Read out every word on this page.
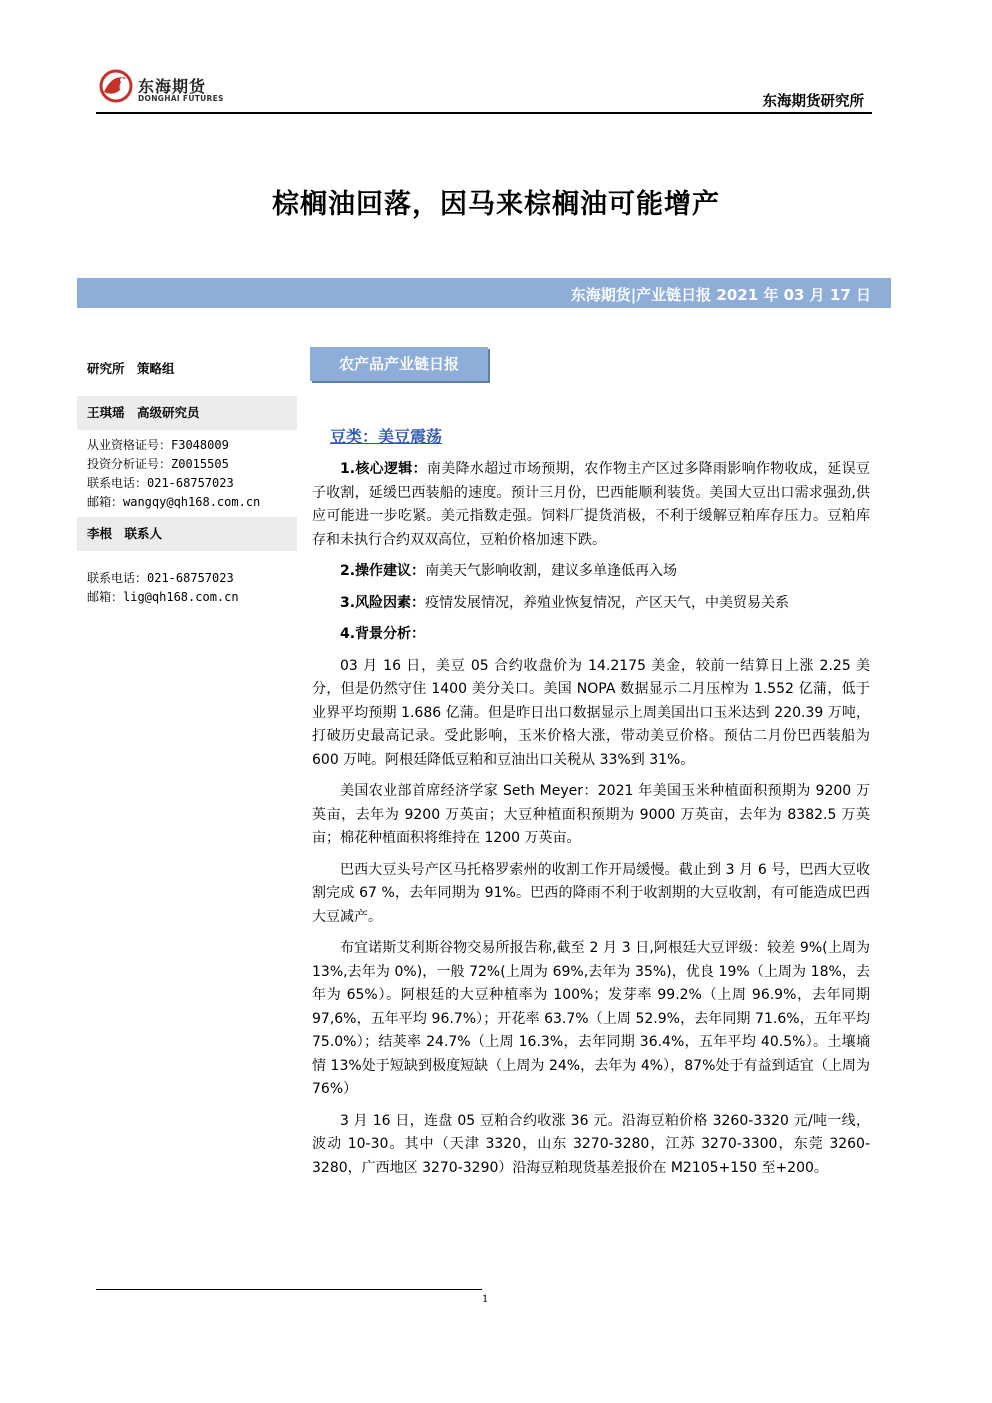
东海期货
DONGHAI FUTURES	东海期货研究所
棕榈油回落，因马来棕榈油可能增产
东海期货|产业链日报 2021 年 03 月 17 日
研究所　策略组
王琪瑶　高级研究员
从业资格证号：F3048009
投资分析证号：Z0015505
联系电话：021-68757023
邮箱：wangqy@qh168.com.cn
李根　联系人
联系电话：021-68757023
邮箱：lig@qh168.com.cn
农产品产业链日报
豆类：美豆震荡

1.核心逻辑：南美降水超过市场预期，农作物主产区过多降雨影响作物收成，延误豆子收割，延缓巴西装船的速度。预计三月份，巴西能顺利装货。美国大豆出口需求强劲,供应可能进一步吃紧。美元指数走强。饲料厂提货消极，不利于缓解豆粕库存压力。豆粕库存和未执行合约双双高位，豆粕价格加速下跌。

2.操作建议：南美天气影响收割，建议多单逢低再入场

3.风险因素：疫情发展情况，养殖业恢复情况，产区天气，中美贸易关系

4.背景分析：

03 月 16 日，美豆 05 合约收盘价为 14.2175 美金，较前一结算日上涨 2.25 美分，但是仍然守住 1400 美分关口。美国 NOPA 数据显示二月压榨为 1.552 亿蒲，低于业界平均预期 1.686 亿蒲。但是昨日出口数据显示上周美国出口玉米达到 220.39 万吨，打破历史最高记录。受此影响，玉米价格大涨，带动美豆价格。预估二月份巴西装船为 600 万吨。阿根廷降低豆粕和豆油出口关税从 33%到 31%。

美国农业部首席经济学家 Seth Meyer：2021 年美国玉米种植面积预期为 9200 万英亩，去年为 9200 万英亩；大豆种植面积预期为 9000 万英亩，去年为 8382.5 万英亩；棉花种植面积将维持在 1200 万英亩。

巴西大豆头号产区马托格罗索州的收割工作开局缓慢。截止到 3 月 6 号，巴西大豆收割完成 67 %，去年同期为 91%。巴西的降雨不利于收割期的大豆收割，有可能造成巴西大豆减产。

布宜诺斯艾利斯谷物交易所报告称,截至 2 月 3 日,阿根廷大豆评级：较差 9%(上周为 13%,去年为 0%)，一般 72%(上周为 69%,去年为 35%)，优良 19%（上周为 18%，去年为 65%）。阿根廷的大豆种植率为 100%；发芽率 99.2%（上周 96.9%，去年同期 97,6%，五年平均 96.7%）；开花率 63.7%（上周 52.9%，去年同期 71.6%，五年平均 75.0%）；结荚率 24.7%（上周 16.3%，去年同期 36.4%，五年平均 40.5%）。土壤墒情 13%处于短缺到极度短缺（上周为 24%，去年为 4%），87%处于有益到适宜（上周为 76%）

3 月 16 日，连盘 05 豆粕合约收涨 36 元。沿海豆粕价格 3260-3320 元/吨一线，波动 10-30。其中（天津 3320，山东 3270-3280，江苏 3270-3300，东莞 3260-3280，广西地区 3270-3290）沿海豆粕现货基差报价在 M2105+150 至+200。

1
